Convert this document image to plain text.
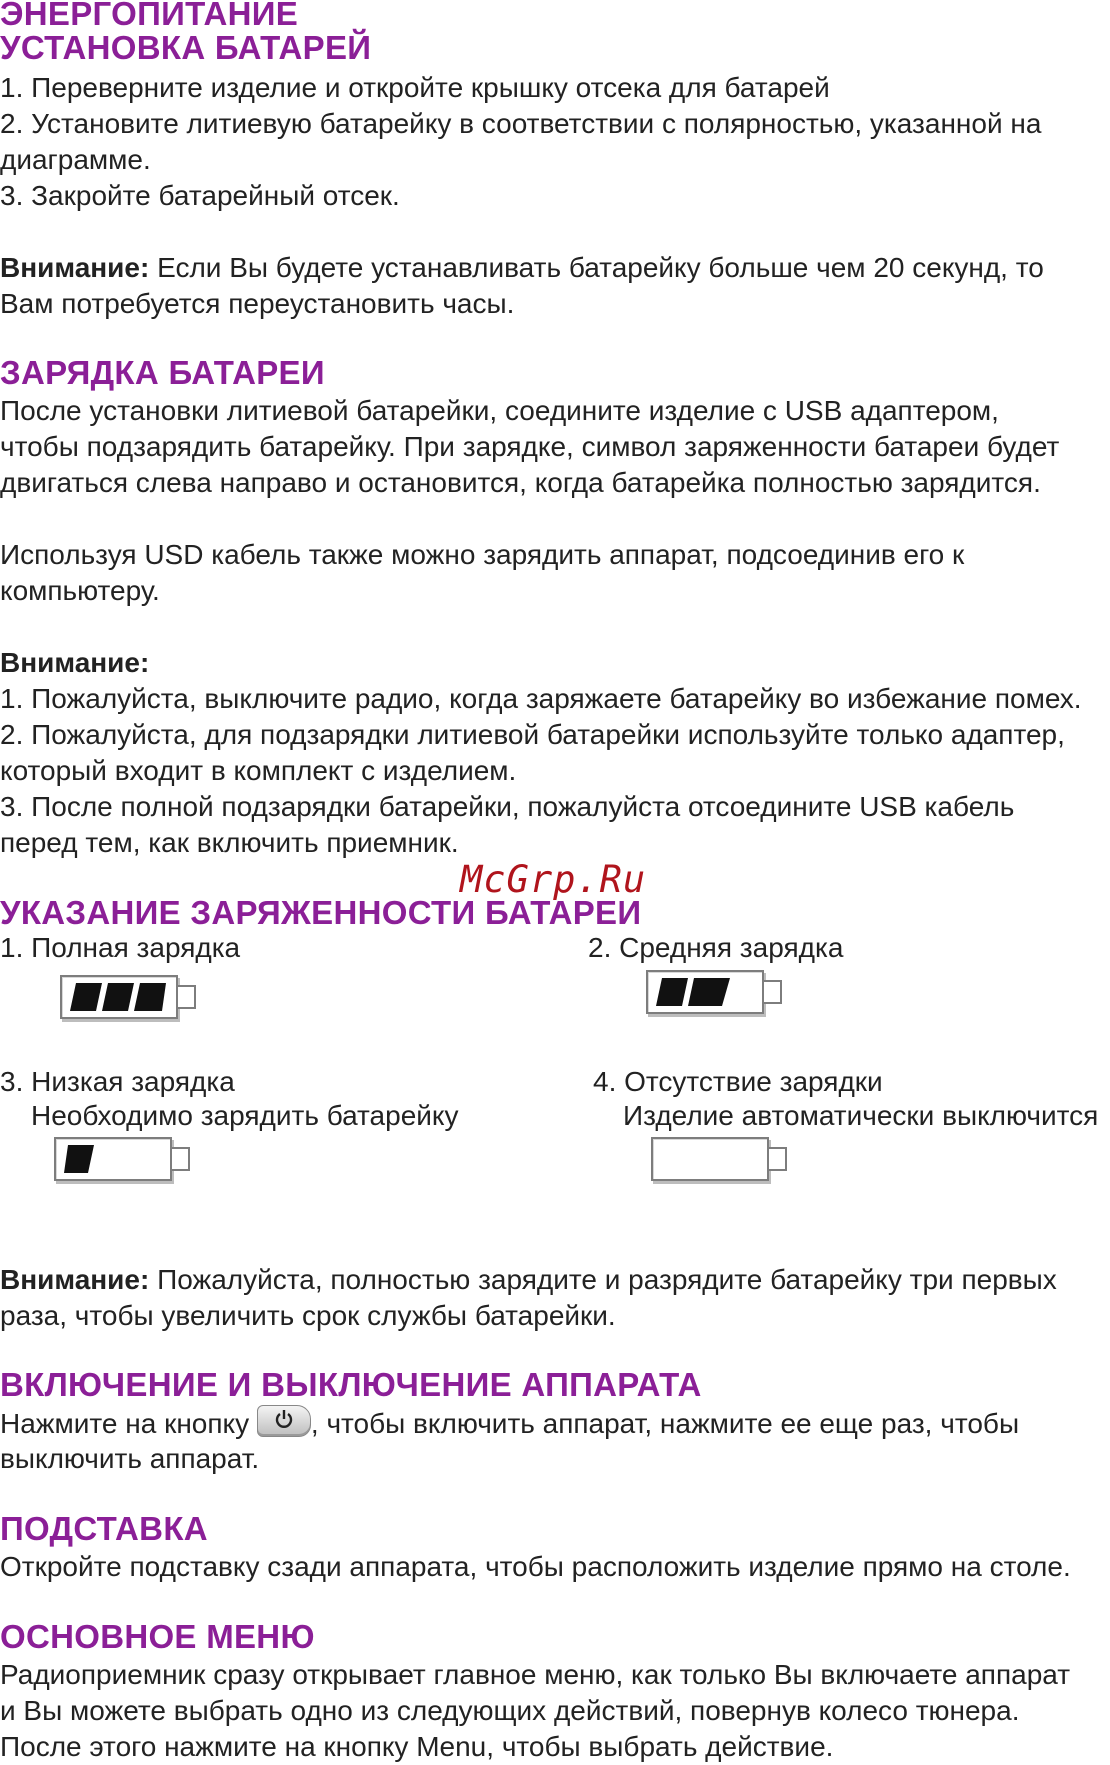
ЭНЕРГОПИТАНИЕ
УСТАНОВКА БАТАРЕЙ
1. Переверните изделие и откройте крышку отсека для батарей
2. Установите литиевую батарейку в соответствии с полярностью, указанной на
диаграмме.
3. Закройте батарейный отсек.
Внимание: Если Вы будете устанавливать батарейку больше чем 20 секунд, то
Вам потребуется переустановить часы.
ЗАРЯДКА БАТАРЕИ
После установки литиевой батарейки, соедините изделие с USB адаптером,
чтобы подзарядить батарейку. При зарядке, символ заряженности батареи будет
двигаться слева направо и остановится, когда батарейка полностью зарядится.
Используя USD кабель также можно зарядить аппарат, подсоединив его к
компьютеру.
Внимание:
1. Пожалуйста, выключите радио, когда заряжаете батарейку во избежание помех.
2. Пожалуйста, для подзарядки литиевой батарейки используйте только адаптер,
который входит в комплект с изделием.
3. После полной подзарядки батарейки, пожалуйста отсоедините USB кабель
перед тем, как включить приемник.
УКАЗАНИЕ ЗАРЯЖЕННОСТИ БАТАРЕИ
McGrp.Ru
1. Полная зарядка	2. Средняя зарядка
3. Низкая зарядка
Необходимо зарядить батарейку
4. Отсутствие зарядки
Изделие автоматически выключится
Внимание: Пожалуйста, полностью зарядите и разрядите батарейку три первых
раза, чтобы увеличить срок службы батарейки.
ВКЛЮЧЕНИЕ И ВЫКЛЮЧЕНИЕ АППАРАТА
Нажмите на кнопку
, чтобы включить аппарат, нажмите ее еще раз, чтобы
выключить аппарат.
ПОДСТАВКА
Откройте подставку сзади аппарата, чтобы расположить изделие прямо на столе.
ОСНОВНОЕ МЕНЮ
Радиоприемник сразу открывает главное меню, как только Вы включаете аппарат
и Вы можете выбрать одно из следующих действий, повернув колесо тюнера.
После этого нажмите на кнопку Menu, чтобы выбрать действие.
